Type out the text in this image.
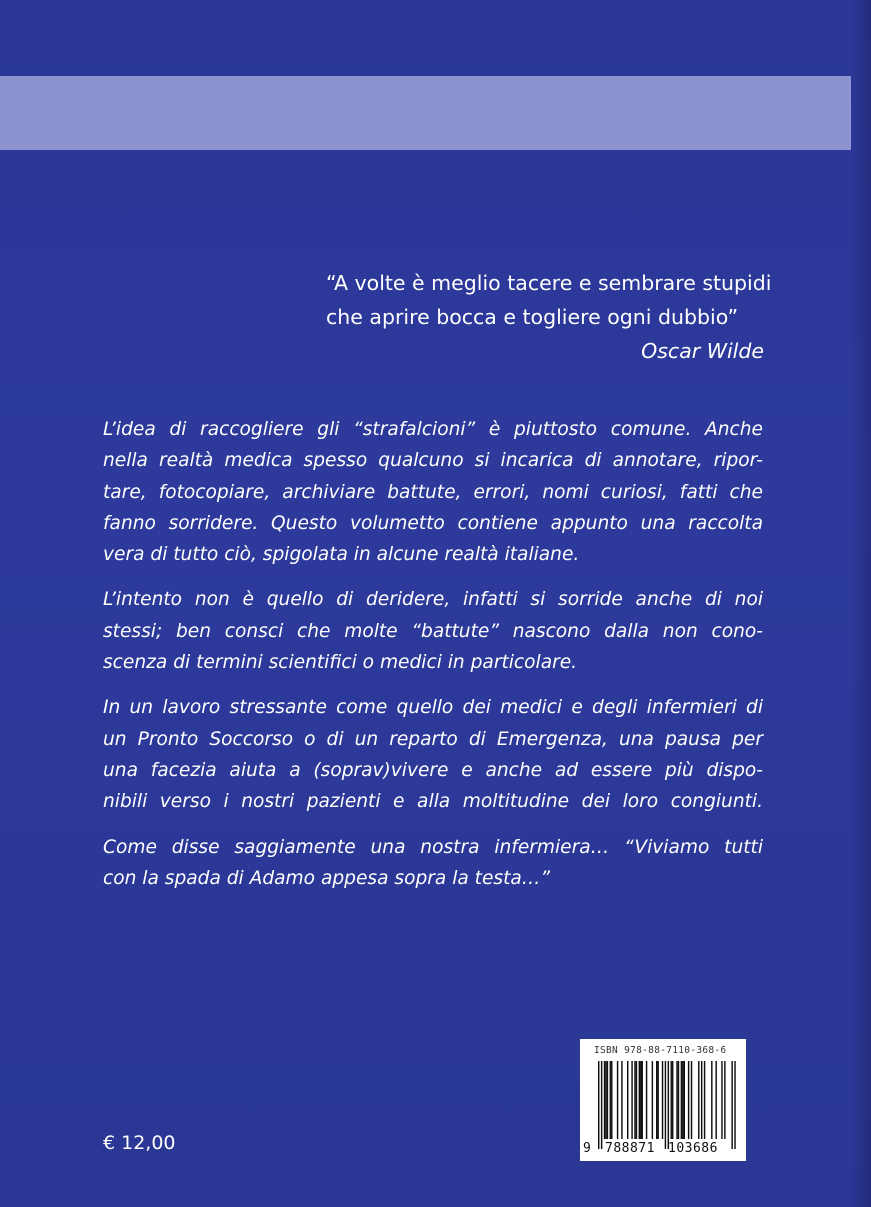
“A volte è meglio tacere e sembrare stupidi
che aprire bocca e togliere ogni dubbio”
Oscar Wilde
L’idea di raccogliere gli “strafalcioni” è piuttosto comune. Anche
nella realtà medica spesso qualcuno si incarica di annotare, ripor-
tare, fotocopiare, archiviare battute, errori, nomi curiosi, fatti che
fanno sorridere. Questo volumetto contiene appunto una raccolta
vera di tutto ciò, spigolata in alcune realtà italiane.
L’intento non è quello di deridere, infatti si sorride anche di noi
stessi; ben consci che molte “battute” nascono dalla non cono-
scenza di termini scientifici o medici in particolare.
In un lavoro stressante come quello dei medici e degli infermieri di
un Pronto Soccorso o di un reparto di Emergenza, una pausa per
una facezia aiuta a (soprav)vivere e anche ad essere più dispo-
nibili verso i nostri pazienti e alla moltitudine dei loro congiunti.
Come disse saggiamente una nostra infermiera… “Viviamo tutti
con la spada di Adamo appesa sopra la testa…”
€ 12,00
ISBN 978-88-7110-368-6
9 788871 103686
